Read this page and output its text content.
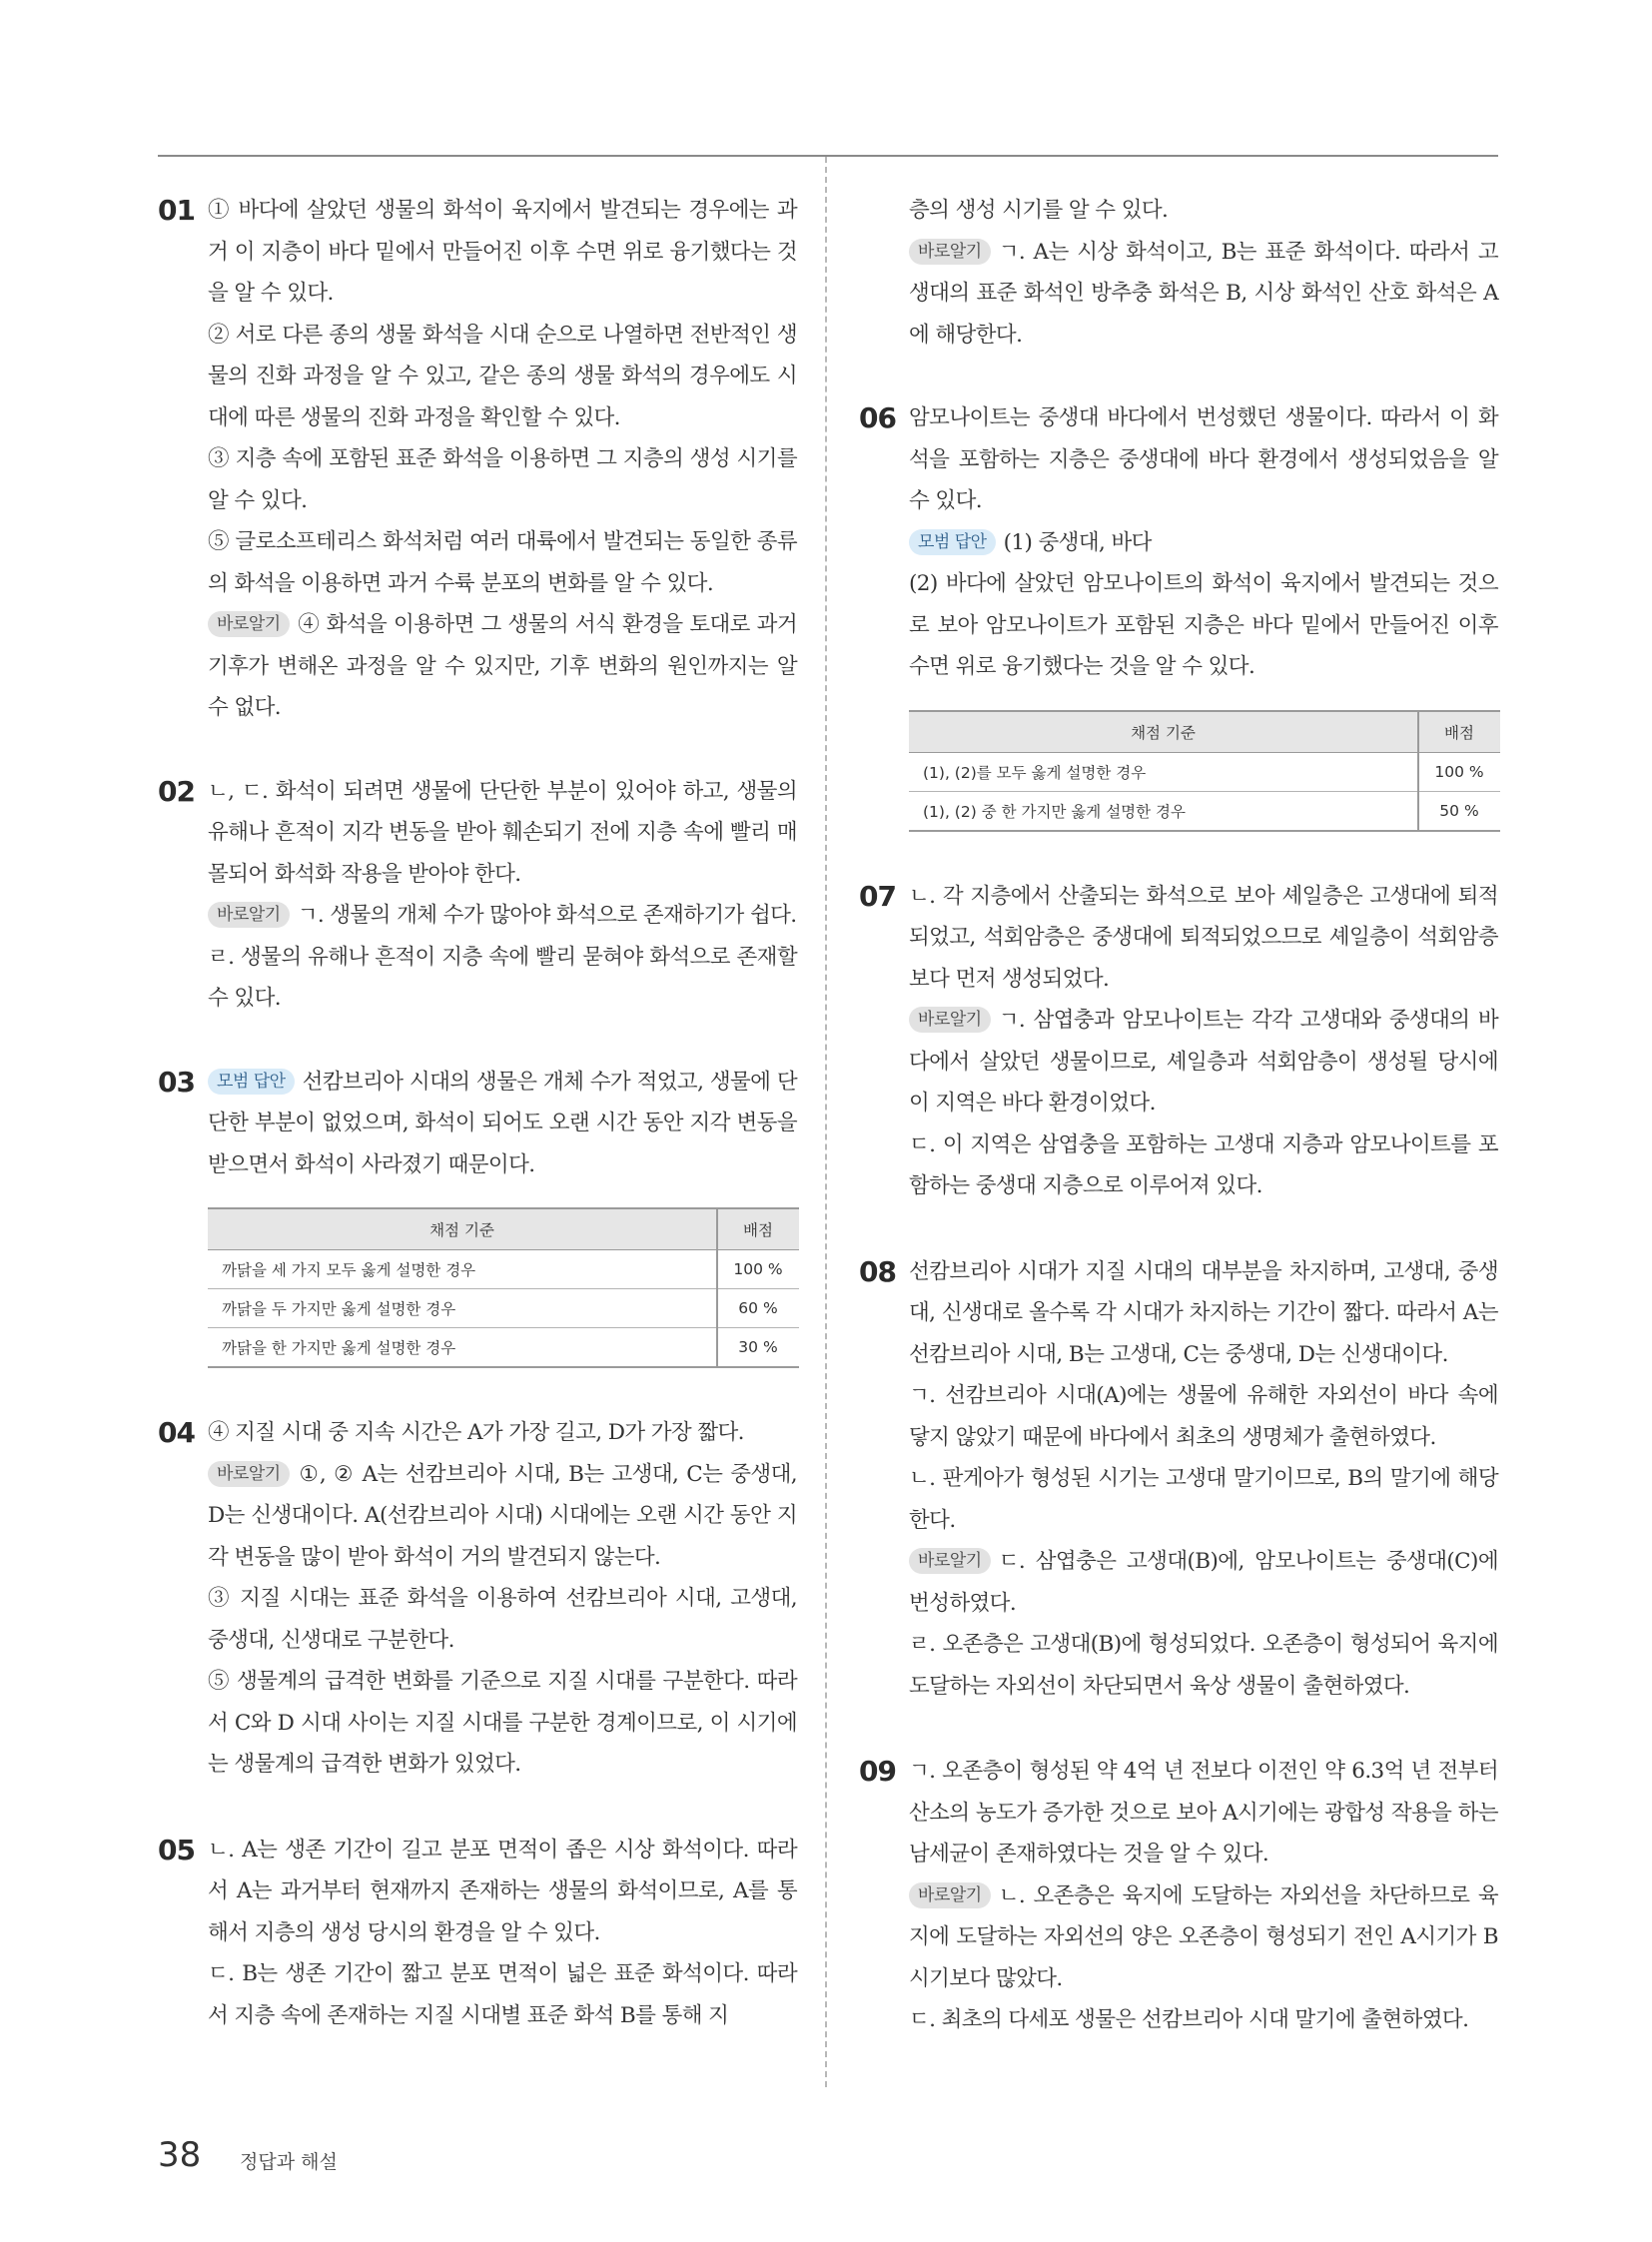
01 ① 바다에 살았던 생물의 화석이 육지에서 발견되는 경우에는 과거 이 지층이 바다 밑에서 만들어진 이후 수면 위로 융기했다는 것을 알 수 있다.

② 서로 다른 종의 생물 화석을 시대 순으로 나열하면 전반적인 생물의 진화 과정을 알 수 있고, 같은 종의 생물 화석의 경우에도 시대에 따른 생물의 진화 과정을 확인할 수 있다.

③ 지층 속에 포함된 표준 화석을 이용하면 그 지층의 생성 시기를 알 수 있다.

⑤ 글로소프테리스 화석처럼 여러 대륙에서 발견되는 동일한 종류의 화석을 이용하면 과거 수륙 분포의 변화를 알 수 있다.

바로알기 ④ 화석을 이용하면 그 생물의 서식 환경을 토대로 과거 기후가 변해온 과정을 알 수 있지만, 기후 변화의 원인까지는 알 수 없다.

02 ㄴ, ㄷ. 화석이 되려면 생물에 단단한 부분이 있어야 하고, 생물의 유해나 흔적이 지각 변동을 받아 훼손되기 전에 지층 속에 빨리 매몰되어 화석화 작용을 받아야 한다.

바로알기 ㄱ. 생물의 개체 수가 많아야 화석으로 존재하기가 쉽다.

ㄹ. 생물의 유해나 흔적이 지층 속에 빨리 묻혀야 화석으로 존재할 수 있다.

03	모범 답안 선캄브리아 시대의 생물은 개체 수가 적었고, 생물에 단단한 부분이 없었으며, 화석이 되어도 오랜 시간 동안 지각 변동을 받으면서 화석이 사라졌기 때문이다.

채점 기준	배점
까닭을 세 가지 모두 옳게 설명한 경우	100 %
까닭을 두 가지만 옳게 설명한 경우	60 %
까닭을 한 가지만 옳게 설명한 경우	30 %
04 ④ 지질 시대 중 지속 시간은 A가 가장 길고, D가 가장 짧다.

바로알기 ①, ② A는 선캄브리아 시대, B는 고생대, C는 중생대, D는 신생대이다. A(선캄브리아 시대) 시대에는 오랜 시간 동안 지각 변동을 많이 받아 화석이 거의 발견되지 않는다.

③ 지질 시대는 표준 화석을 이용하여 선캄브리아 시대, 고생대, 중생대, 신생대로 구분한다.

⑤ 생물계의 급격한 변화를 기준으로 지질 시대를 구분한다. 따라서 C와 D 시대 사이는 지질 시대를 구분한 경계이므로, 이 시기에는 생물계의 급격한 변화가 있었다.

05 ㄴ. A는 생존 기간이 길고 분포 면적이 좁은 시상 화석이다. 따라서 A는 과거부터 현재까지 존재하는 생물의 화석이므로, A를 통해서 지층의 생성 당시의 환경을 알 수 있다.

ㄷ. B는 생존 기간이 짧고 분포 면적이 넓은 표준 화석이다. 따라서 지층 속에 존재하는 지질 시대별 표준 화석 B를 통해 지

층의 생성 시기를 알 수 있다.

바로알기 ㄱ. A는 시상 화석이고, B는 표준 화석이다. 따라서 고생대의 표준 화석인 방추충 화석은 B, 시상 화석인 산호 화석은 A에 해당한다.

06 암모나이트는 중생대 바다에서 번성했던 생물이다. 따라서 이 화석을 포함하는 지층은 중생대에 바다 환경에서 생성되었음을 알 수 있다.

모범 답안 (1) 중생대, 바다

(2) 바다에 살았던 암모나이트의 화석이 육지에서 발견되는 것으로 보아 암모나이트가 포함된 지층은 바다 밑에서 만들어진 이후 수면 위로 융기했다는 것을 알 수 있다.

채점 기준	배점
(1), (2)를 모두 옳게 설명한 경우	100 %
(1), (2) 중 한 가지만 옳게 설명한 경우	50 %
07 ㄴ. 각 지층에서 산출되는 화석으로 보아 셰일층은 고생대에 퇴적되었고, 석회암층은 중생대에 퇴적되었으므로 셰일층이 석회암층보다 먼저 생성되었다.

바로알기 ㄱ. 삼엽충과 암모나이트는 각각 고생대와 중생대의 바다에서 살았던 생물이므로, 셰일층과 석회암층이 생성될 당시에 이 지역은 바다 환경이었다.

ㄷ. 이 지역은 삼엽충을 포함하는 고생대 지층과 암모나이트를 포함하는 중생대 지층으로 이루어져 있다.

08 선캄브리아 시대가 지질 시대의 대부분을 차지하며, 고생대, 중생대, 신생대로 올수록 각 시대가 차지하는 기간이 짧다. 따라서 A는 선캄브리아 시대, B는 고생대, C는 중생대, D는 신생대이다.

ㄱ. 선캄브리아 시대(A)에는 생물에 유해한 자외선이 바다 속에 닿지 않았기 때문에 바다에서 최초의 생명체가 출현하였다.

ㄴ. 판게아가 형성된 시기는 고생대 말기이므로, B의 말기에 해당한다.

바로알기 ㄷ. 삼엽충은 고생대(B)에, 암모나이트는 중생대(C)에 번성하였다.

ㄹ. 오존층은 고생대(B)에 형성되었다. 오존층이 형성되어 육지에 도달하는 자외선이 차단되면서 육상 생물이 출현하였다.

09 ㄱ. 오존층이 형성된 약 4억 년 전보다 이전인 약 6.3억 년 전부터 산소의 농도가 증가한 것으로 보아 A시기에는 광합성 작용을 하는 남세균이 존재하였다는 것을 알 수 있다.

바로알기 ㄴ. 오존층은 육지에 도달하는 자외선을 차단하므로 육지에 도달하는 자외선의 양은 오존층이 형성되기 전인 A시기가 B시기보다 많았다.

ㄷ. 최초의 다세포 생물은 선캄브리아 시대 말기에 출현하였다.

38 정답과 해설
